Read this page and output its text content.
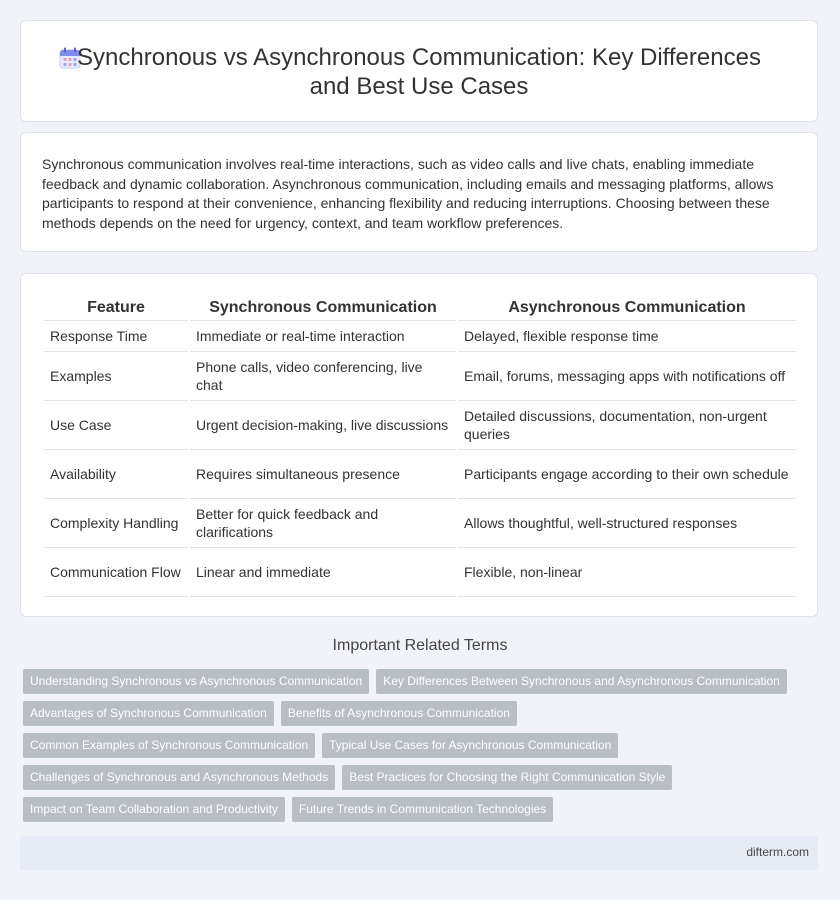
Synchronous vs Asynchronous Communication: Key Differences
and Best Use Cases
Synchronous communication involves real-time interactions, such as video calls and live chats, enabling immediate feedback and dynamic collaboration. Asynchronous communication, including emails and messaging platforms, allows participants to respond at their convenience, enhancing flexibility and reducing interruptions. Choosing between these methods depends on the need for urgency, context, and team workflow preferences.
Feature	Synchronous Communication	Asynchronous Communication
Response Time	Immediate or real-time interaction	Delayed, flexible response time
Examples	Phone calls, video conferencing, live chat	Email, forums, messaging apps with notifications off
Use Case	Urgent decision-making, live discussions	Detailed discussions, documentation, non-urgent queries
Availability	Requires simultaneous presence	Participants engage according to their own schedule
Complexity Handling	Better for quick feedback and clarifications	Allows thoughtful, well-structured responses
Communication Flow	Linear and immediate	Flexible, non-linear
Important Related Terms
Understanding Synchronous vs Asynchronous Communication	Key Differences Between Synchronous and Asynchronous Communication
Advantages of Synchronous Communication	Benefits of Asynchronous Communication
Common Examples of Synchronous Communication	Typical Use Cases for Asynchronous Communication
Challenges of Synchronous and Asynchronous Methods	Best Practices for Choosing the Right Communication Style
Impact on Team Collaboration and Productivity	Future Trends in Communication Technologies
difterm.com
